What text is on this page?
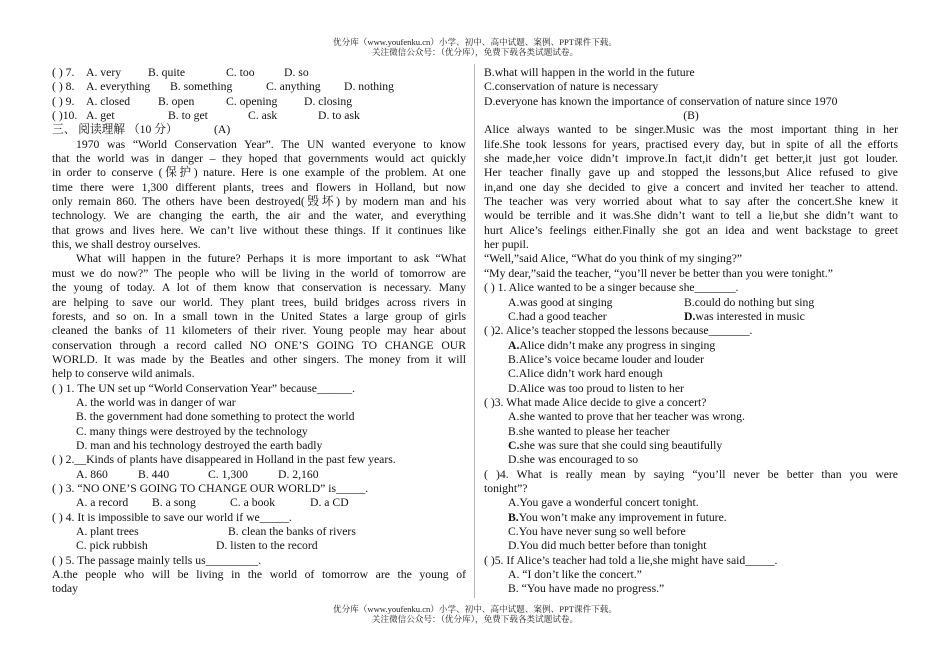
优分库（www.youfenku.cn）小学、初中、高中试题、案例、PPT课件下载。
关注微信公众号：（优分库），免费下载各类试题试卷。
( ) 7. A. very B. quite	C. too	D. so
( ) 8. A. everything B. something	C. anything D. nothing
( ) 9. A. closed B. open	C. opening D. closing
( )10. A. get	B. to get	C. ask	D. to ask
三、 阅读理解 （10 分）	(A)
1970 was “World Conservation Year”. The UN wanted everyone to know
that the world was in danger – they hoped that governments would act quickly
in order to conserve (保护) nature. Here is one example of the problem. At one
time there were 1,300 different plants, trees and flowers in Holland, but now
only remain 860. The others have been destroyed(毁坏) by modern man and his
technology. We are changing the earth, the air and the water, and everything
that grows and lives here. We can’t live without these things. If it continues like
this, we shall destroy ourselves.
What will happen in the future? Perhaps it is more important to ask “What
must we do now?” The people who will be living in the world of tomorrow are
the young of today. A lot of them know that conservation is necessary. Many
are helping to save our world. They plant trees, build bridges across rivers in
forests, and so on. In a small town in the United States a large group of girls
cleaned the banks of 11 kilometers of their river. Young people may hear about
conservation through a record called NO ONE’S GOING TO CHANGE OUR
WORLD. It was made by the Beatles and other singers. The money from it will
help to conserve wild animals.
( ) 1. The UN set up “World Conservation Year” because______.
A. the world was in danger of war
B. the government had done something to protect the world
C. many things were destroyed by the technology
D. man and his technology destroyed the earth badly
( ) 2.__Kinds of plants have disappeared in Holland in the past few years.
A. 860	B. 440	C. 1,300	D. 2,160
( ) 3. “NO ONE’S GOING TO CHANGE OUR WORLD” is_____.
A. a record B. a song	C. a book	D. a CD
( ) 4. It is impossible to save our world if we_____.
A. plant trees	B. clean the banks of rivers
C. pick rubbish	D. listen to the record
( ) 5. The passage mainly tells us_________.
A.the people who will be living in the world of tomorrow are the young of
today
B.what will happen in the world in the future
C.conservation of nature is necessary
D.everyone has known the importance of conservation of nature since 1970
(B)
Alice always wanted to be singer.Music was the most important thing in her
life.She took lessons for years, practised every day, but in spite of all the efforts
she made,her voice didn’t improve.In fact,it didn’t get better,it just got louder.
Her teacher finally gave up and stopped the lessons,but Alice refused to give
in,and one day she decided to give a concert and invited her teacher to attend.
The teacher was very worried about what to say after the concert.She knew it
would be terrible and it was.She didn’t want to tell a lie,but she didn’t want to
hurt Alice’s feelings either.Finally she got an idea and went backstage to greet
her pupil.
“Well,”said Alice, “What do you think of my singing?”
“My dear,”said the teacher, “you’ll never be better than you were tonight.”
( ) 1. Alice wanted to be a singer because she_______.
A.was good at singing	B.could do nothing but sing
C.had a good teacher	D.was interested in music
( )2. Alice’s teacher stopped the lessons because_______.
A.Alice didn’t make any progress in singing
B.Alice’s voice became louder and louder
C.Alice didn’t work hard enough
D.Alice was too proud to listen to her
( )3. What made Alice decide to give a concert?
A.she wanted to prove that her teacher was wrong.
B.she wanted to please her teacher
C.she was sure that she could sing beautifully
D.she was encouraged to so
( )4. What is really mean by saying “you’ll never be better than you were
tonight”?
A.You gave a wonderful concert tonight.
B.You won’t make any improvement in future.
C.You have never sung so well before
D.You did much better before than tonight
( )5. If Alice’s teacher had told a lie,she might have said_____.
A. “I don’t like the concert.”
B. “You have made no progress.”
优分库（www.youfenku.cn）小学、初中、高中试题、案例、PPT课件下载。
关注微信公众号：（优分库），免费下载各类试题试卷。
